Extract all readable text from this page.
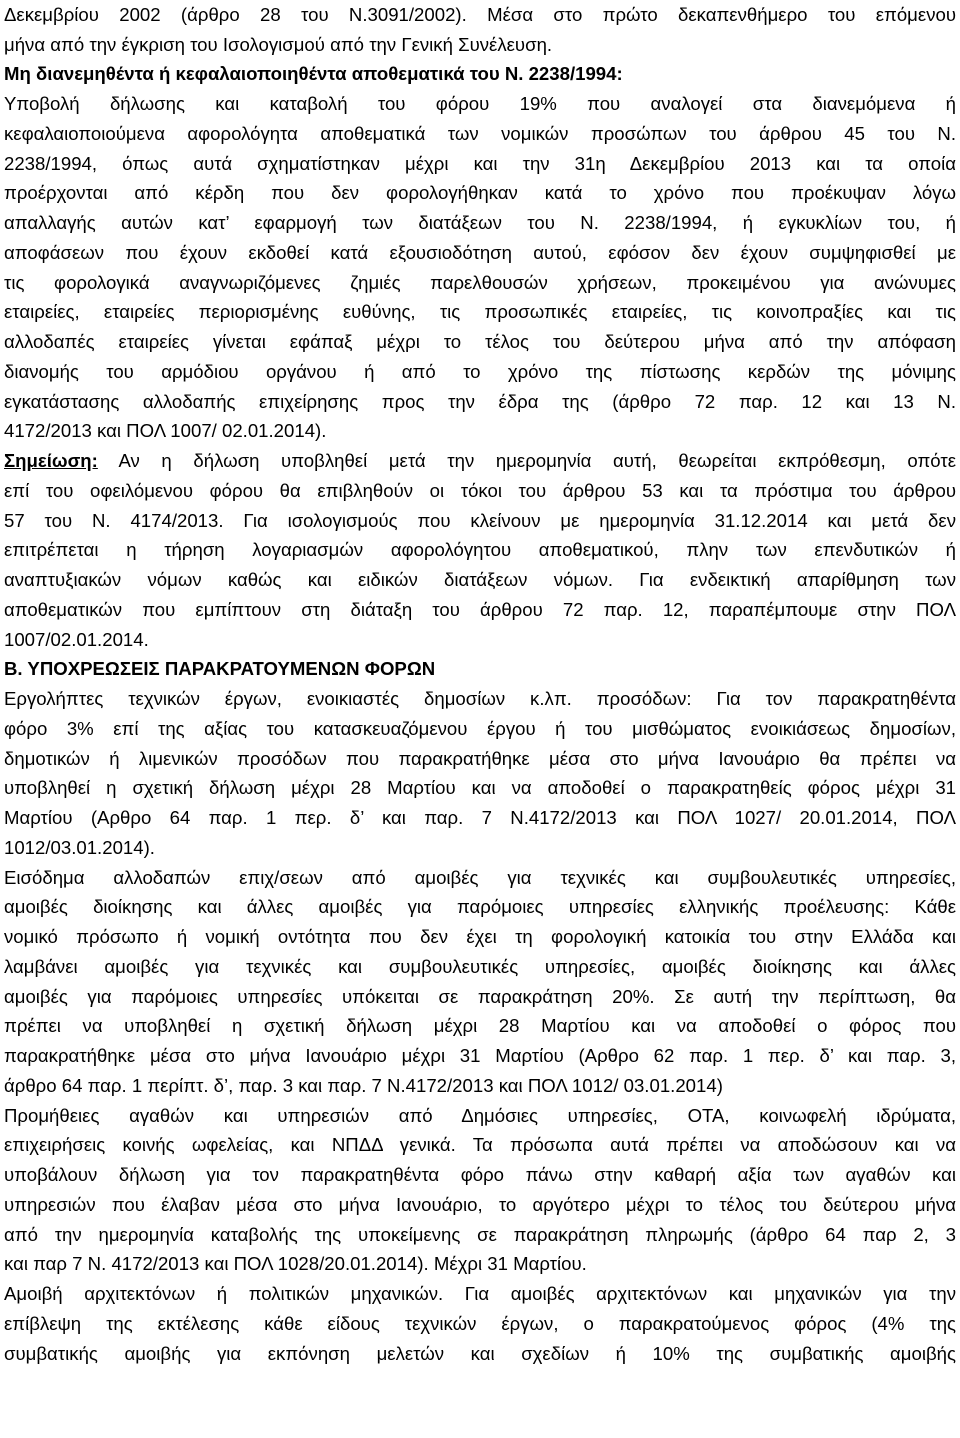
Δεκεμβρίου 2002 (άρθρο 28 του Ν.3091/2002). Μέσα στο πρώτο δεκαπενθήμερο του επόμενου
μήνα από την έγκριση του Ισολογισμού από την Γενική Συνέλευση.
Μη διανεμηθέντα ή κεφαλαιοποιηθέντα αποθεματικά του Ν. 2238/1994:
Υποβολή δήλωσης και καταβολή του φόρου 19% που αναλογεί στα διανεμόμενα ή
κεφαλαιοποιούμενα αφορολόγητα αποθεματικά των νομικών προσώπων του άρθρου 45 του Ν.
2238/1994, όπως αυτά σχηματίστηκαν μέχρι και την 31η Δεκεμβρίου 2013 και τα οποία
προέρχονται από κέρδη που δεν φορολογήθηκαν κατά το χρόνο που προέκυψαν λόγω
απαλλαγής αυτών κατ’ εφαρμογή των διατάξεων του Ν. 2238/1994, ή εγκυκλίων του, ή
αποφάσεων που έχουν εκδοθεί κατά εξουσιοδότηση αυτού, εφόσον δεν έχουν συμψηφισθεί με
τις φορολογικά αναγνωριζόμενες ζημιές παρελθουσών χρήσεων, προκειμένου για ανώνυμες
εταιρείες, εταιρείες περιορισμένης ευθύνης, τις προσωπικές εταιρείες, τις κοινοπραξίες και τις
αλλοδαπές εταιρείες γίνεται εφάπαξ μέχρι το τέλος του δεύτερου μήνα από την απόφαση
διανομής του αρμόδιου οργάνου ή από το χρόνο της πίστωσης κερδών της μόνιμης
εγκατάστασης αλλοδαπής επιχείρησης προς την έδρα της (άρθρο 72 παρ. 12 και 13 Ν.
4172/2013 και ΠΟΛ 1007/ 02.01.2014).
Σημείωση: Αν η δήλωση υποβληθεί μετά την ημερομηνία αυτή, θεωρείται εκπρόθεσμη, οπότε
επί του οφειλόμενου φόρου θα επιβληθούν οι τόκοι του άρθρου 53 και τα πρόστιμα του άρθρου
57 του Ν. 4174/2013. Για ισολογισμούς που κλείνουν με ημερομηνία 31.12.2014 και μετά δεν
επιτρέπεται η τήρηση λογαριασμών αφορολόγητου αποθεματικού, πλην των επενδυτικών ή
αναπτυξιακών νόμων καθώς και ειδικών διατάξεων νόμων. Για ενδεικτική απαρίθμηση των
αποθεματικών που εμπίπτουν στη διάταξη του άρθρου 72 παρ. 12, παραπέμπουμε στην ΠΟΛ
1007/02.01.2014.
Β. ΥΠΟΧΡΕΩΣΕΙΣ ΠΑΡΑΚΡΑΤΟΥΜΕΝΩΝ ΦΟΡΩΝ
Εργολήπτες τεχνικών έργων, ενοικιαστές δημοσίων κ.λπ. προσόδων: Για τον παρακρατηθέντα
φόρο 3% επί της αξίας του κατασκευαζόμενου έργου ή του μισθώματος ενοικιάσεως δημοσίων,
δημοτικών ή λιμενικών προσόδων που παρακρατήθηκε μέσα στο μήνα Ιανουάριο θα πρέπει να
υποβληθεί η σχετική δήλωση μέχρι 28 Μαρτίου και να αποδοθεί ο παρακρατηθείς φόρος μέχρι 31
Μαρτίου (Αρθρο 64 παρ. 1 περ. δ’ και παρ. 7 Ν.4172/2013 και ΠΟΛ 1027/ 20.01.2014, ΠΟΛ
1012/03.01.2014).
Εισόδημα αλλοδαπών επιχ/σεων από αμοιβές για τεχνικές και συμβουλευτικές υπηρεσίες,
αμοιβές διοίκησης και άλλες αμοιβές για παρόμοιες υπηρεσίες ελληνικής προέλευσης: Κάθε
νομικό πρόσωπο ή νομική οντότητα που δεν έχει τη φορολογική κατοικία του στην Ελλάδα και
λαμβάνει αμοιβές για τεχνικές και συμβουλευτικές υπηρεσίες, αμοιβές διοίκησης και άλλες
αμοιβές για παρόμοιες υπηρεσίες υπόκειται σε παρακράτηση 20%. Σε αυτή την περίπτωση, θα
πρέπει να υποβληθεί η σχετική δήλωση μέχρι 28 Μαρτίου και να αποδοθεί ο φόρος που
παρακρατήθηκε μέσα στο μήνα Ιανουάριο μέχρι 31 Μαρτίου (Αρθρο 62 παρ. 1 περ. δ’ και παρ. 3,
άρθρο 64 παρ. 1 περίπτ. δ’, παρ. 3 και παρ. 7 Ν.4172/2013 και ΠΟΛ 1012/ 03.01.2014)
Προμήθειες αγαθών και υπηρεσιών από Δημόσιες υπηρεσίες, ΟΤΑ, κοινωφελή ιδρύματα,
επιχειρήσεις κοινής ωφελείας, και ΝΠΔΔ γενικά. Τα πρόσωπα αυτά πρέπει να αποδώσουν και να
υποβάλουν δήλωση για τον παρακρατηθέντα φόρο πάνω στην καθαρή αξία των αγαθών και
υπηρεσιών που έλαβαν μέσα στο μήνα Ιανουάριο, το αργότερο μέχρι το τέλος του δεύτερου μήνα
από την ημερομηνία καταβολής της υποκείμενης σε παρακράτηση πληρωμής (άρθρο 64 παρ 2, 3
και παρ 7 Ν. 4172/2013 και ΠΟΛ 1028/20.01.2014). Μέχρι 31 Μαρτίου.
Αμοιβή αρχιτεκτόνων ή πολιτικών μηχανικών. Για αμοιβές αρχιτεκτόνων και μηχανικών για την
επίβλεψη της εκτέλεσης κάθε είδους τεχνικών έργων, ο παρακρατούμενος φόρος (4% της
συμβατικής αμοιβής για εκπόνηση μελετών και σχεδίων ή 10% της συμβατικής αμοιβής
